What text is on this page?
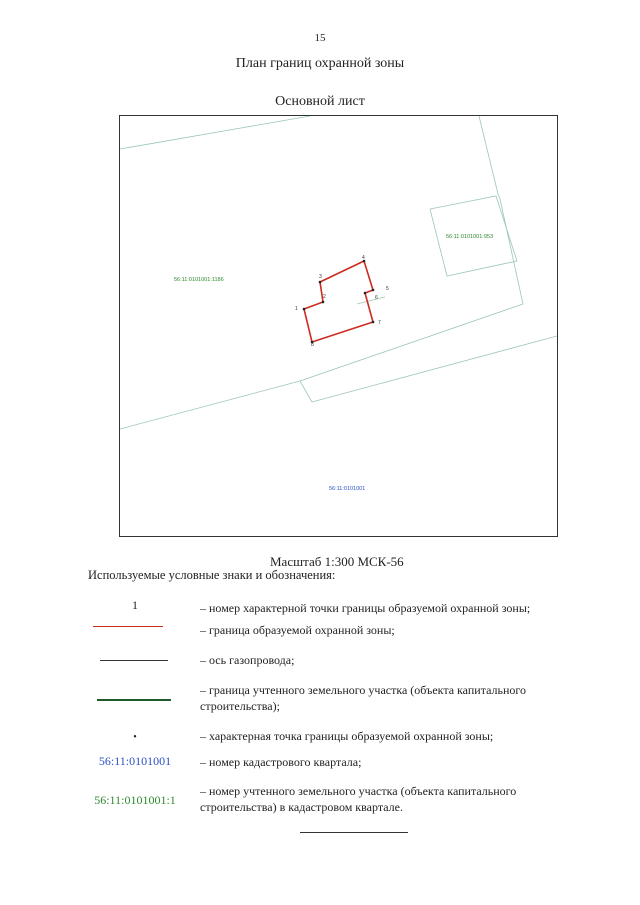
15
План границ охранной зоны
Основной лист
1
2
3
4
5
6
7
8
56:11:0101001:1186
56:11:0101001:953
56:11:0101001
Масштаб 1:300 МСК-56
Используемые условные знаки и обозначения:
1	– номер характерной точки границы образуемой охранной зоны;
– граница образуемой охранной зоны;
– ось газопровода;
– граница учтенного земельного участка (объекта капитального строительства);
•	– характерная точка границы образуемой охранной зоны;
56:11:0101001	– номер кадастрового квартала;
56:11:0101001:1
– номер учтенного земельного участка (объекта капитального строительства) в кадастровом квартале.
